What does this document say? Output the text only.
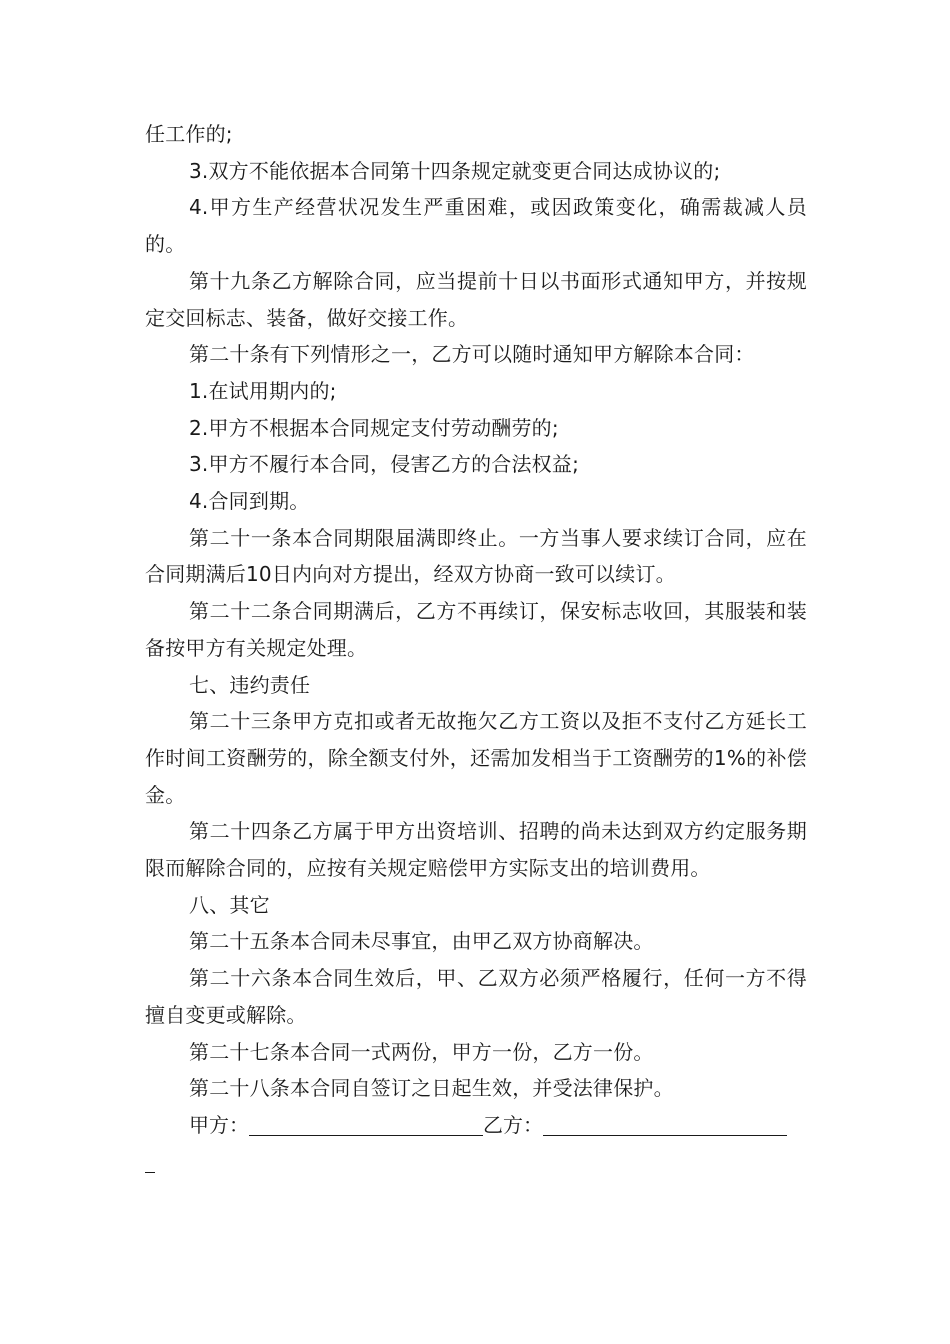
任工作的;

3.双方不能依据本合同第十四条规定就变更合同达成协议的;

4.甲方生产经营状况发生严重困难，或因政策变化，确需裁减人员的。

第十九条乙方解除合同，应当提前十日以书面形式通知甲方，并按规定交回标志、装备，做好交接工作。

第二十条有下列情形之一，乙方可以随时通知甲方解除本合同：

1.在试用期内的;

2.甲方不根据本合同规定支付劳动酬劳的;

3.甲方不履行本合同，侵害乙方的合法权益;

4.合同到期。

第二十一条本合同期限届满即终止。一方当事人要求续订合同，应在合同期满后10日内向对方提出，经双方协商一致可以续订。

第二十二条合同期满后，乙方不再续订，保安标志收回，其服装和装备按甲方有关规定处理。

七、违约责任

第二十三条甲方克扣或者无故拖欠乙方工资以及拒不支付乙方延长工作时间工资酬劳的，除全额支付外，还需加发相当于工资酬劳的1%的补偿金。

第二十四条乙方属于甲方出资培训、招聘的尚未达到双方约定服务期限而解除合同的，应按有关规定赔偿甲方实际支出的培训费用。

八、其它

第二十五条本合同未尽事宜，由甲乙双方协商解决。

第二十六条本合同生效后，甲、乙双方必须严格履行，任何一方不得擅自变更或解除。

第二十七条本合同一式两份，甲方一份，乙方一份。

第二十八条本合同自签订之日起生效，并受法律保护。

甲方：	乙方：
